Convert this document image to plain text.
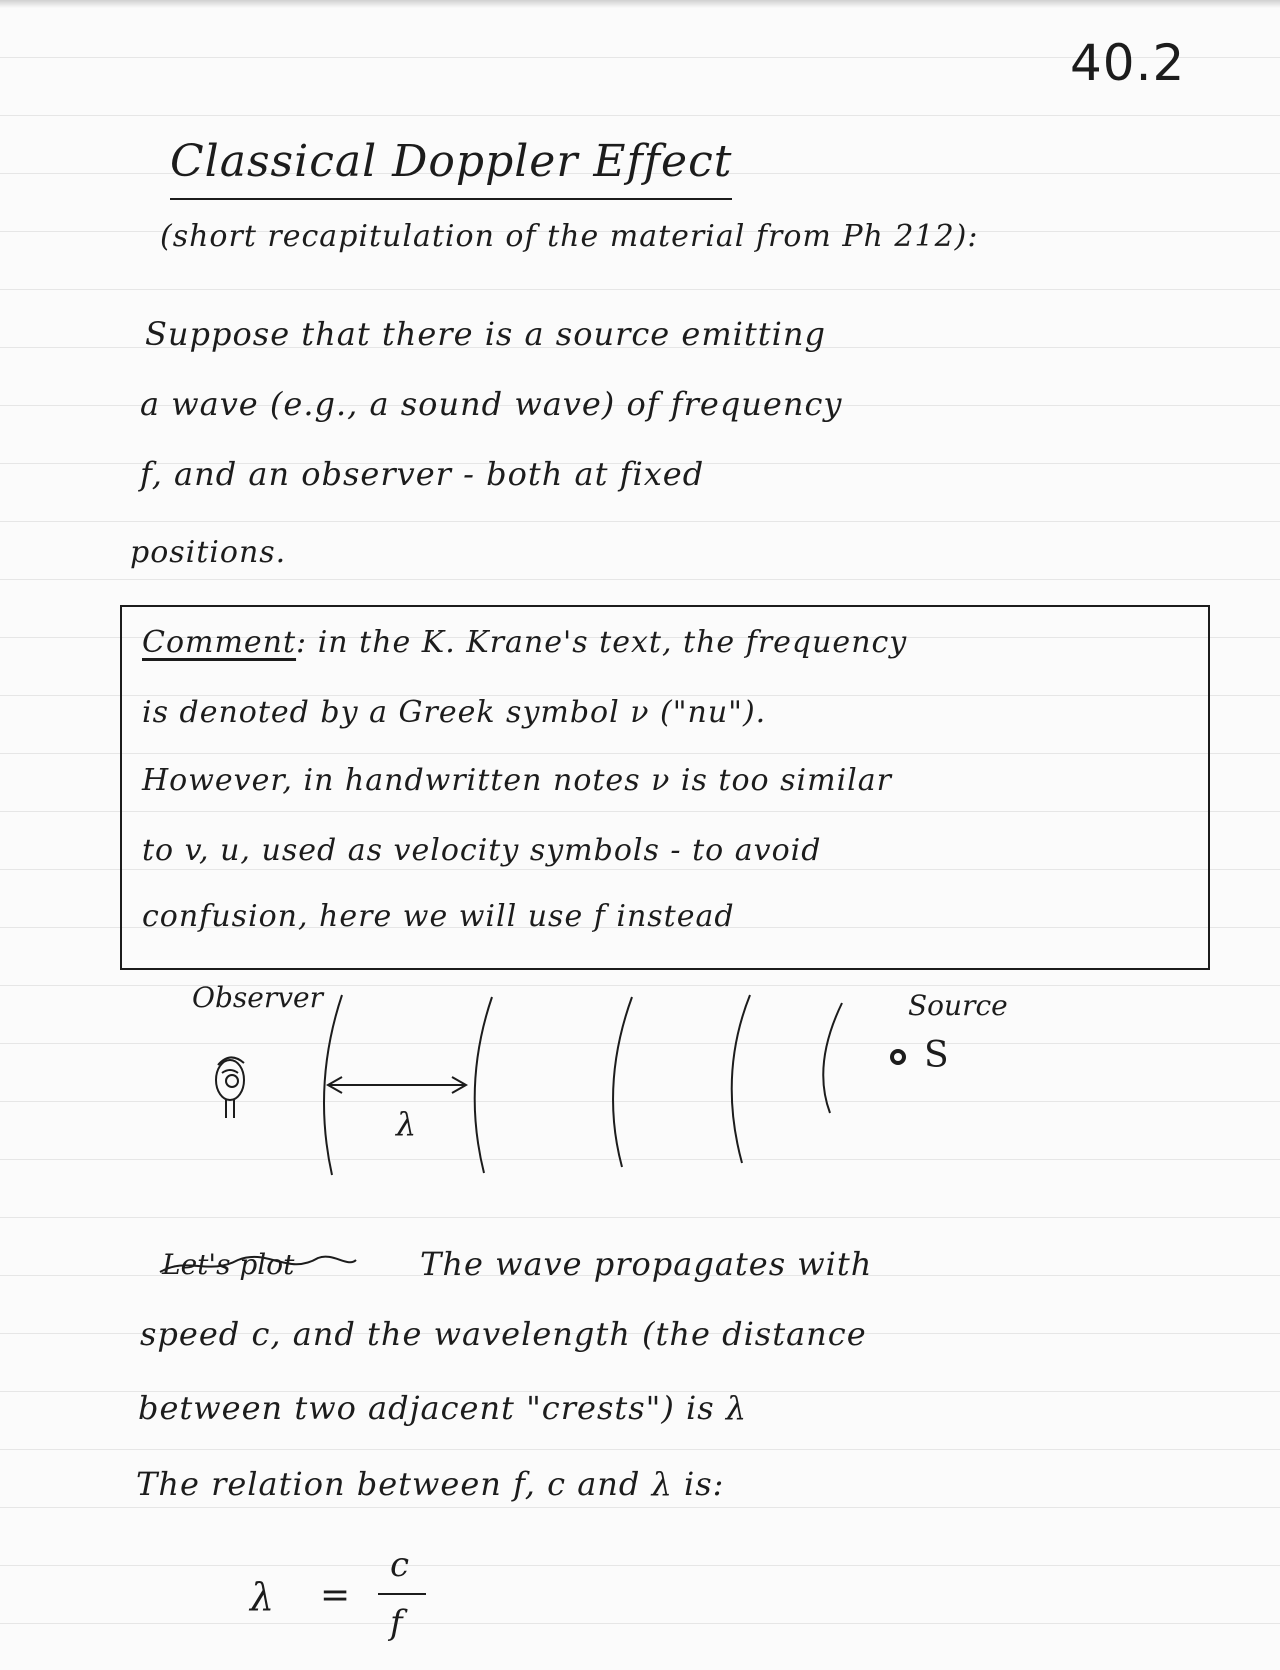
40.2
Classical Doppler Effect
(short recapitulation of the material from Ph 212):
Suppose that there is a source emitting
a wave (e.g., a sound wave) of frequency
f, and an observer - both at fixed
positions.
Comment: in the K. Krane's text, the frequency
is denoted by a Greek symbol ν ("nu").
However, in handwritten notes ν is too similar
to v, u, used as velocity symbols - to avoid
confusion, here we will use f instead
Observer	Source
S
λ
Let's plot	The wave propagates with
speed c, and the wavelength (the distance
between two adjacent "crests") is λ
The relation between f, c and λ is:
λ =
c
f
